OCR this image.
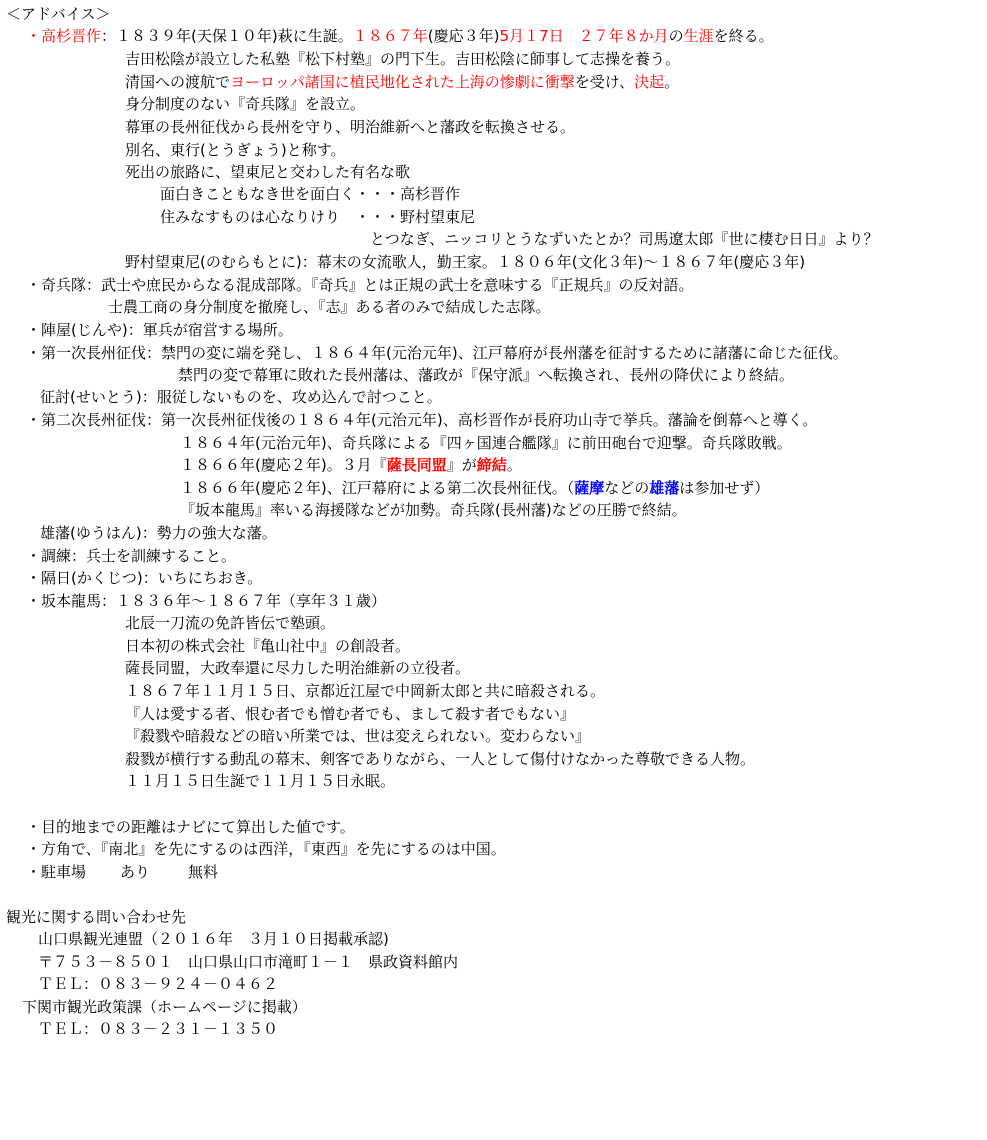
＜アドバイス＞
・高杉晋作：１８３９年(天保１０年)萩に生誕。１８６７年(慶応３年)5月１7日　２７年８か月の生涯を終る。
吉田松陰が設立した私塾『松下村塾』の門下生。吉田松陰に師事して志操を養う。
清国への渡航でヨーロッパ諸国に植民地化された上海の惨劇に衝撃を受け、決起。
身分制度のない『奇兵隊』を設立。
幕軍の長州征伐から長州を守り、明治維新へと藩政を転換させる。
別名、東行(とうぎょう)と称す。
死出の旅路に、望東尼と交わした有名な歌
面白きこともなき世を面白く・・・高杉晋作
住みなすものは心なりけり　・・・野村望東尼
とつなぎ、ニッコリとうなずいたとか？司馬遼太郎『世に棲む日日』より？
野村望東尼(のむらもとに)：幕末の女流歌人，勤王家。１８０６年(文化３年)～１８６７年(慶応３年)
・奇兵隊：武士や庶民からなる混成部隊。『奇兵』とは正規の武士を意味する『正規兵』の反対語。
士農工商の身分制度を撤廃し、『志』ある者のみで結成した志隊。
・陣屋(じんや)：軍兵が宿営する場所。
・第一次長州征伐：禁門の変に端を発し、１８６４年(元治元年)、江戸幕府が長州藩を征討するために諸藩に命じた征伐。
禁門の変で幕軍に敗れた長州藩は、藩政が『保守派』へ転換され、長州の降伏により終結。
征討(せいとう)：服従しないものを、攻め込んで討つこと。
・第二次長州征伐：第一次長州征伐後の１８６４年(元治元年)、高杉晋作が長府功山寺で挙兵。藩論を倒幕へと導く。
１８６４年(元治元年)、奇兵隊による『四ヶ国連合艦隊』に前田砲台で迎撃。奇兵隊敗戦。
１８６６年(慶応２年)。３月『薩長同盟』が締結。
１８６６年(慶応２年)、江戸幕府による第二次長州征伐。（薩摩などの雄藩は参加せず）
『坂本龍馬』率いる海援隊などが加勢。奇兵隊(長州藩)などの圧勝で終結。
雄藩(ゆうはん)：勢力の強大な藩。
・調練：兵士を訓練すること。
・隔日(かくじつ)：いちにちおき。
・坂本龍馬：１８３６年～１８６７年（享年３１歳）
北辰一刀流の免許皆伝で塾頭。
日本初の株式会社『亀山社中』の創設者。
薩長同盟，大政奉還に尽力した明治維新の立役者。
１８６７年１１月１５日、京都近江屋で中岡新太郎と共に暗殺される。
『人は愛する者、恨む者でも憎む者でも、まして殺す者でもない』
『殺戮や暗殺などの暗い所業では、世は変えられない。変わらない』
殺戮が横行する動乱の幕末、剣客でありながら、一人として傷付けなかった尊敬できる人物。
１１月１５日生誕で１１月１５日永眠。
・目的地までの距離はナビにて算出した値です。
・方角で、『南北』を先にするのは西洋，『東西』を先にするのは中国。
・駐車場 あり	無料
観光に関する問い合わせ先
山口県観光連盟（２０１６年　３月１０日掲載承認)
〒７５３－８５０１　山口県山口市滝町１－１　県政資料館内
ＴＥＬ：０８３－９２４－０４６２
下関市観光政策課（ホームページに掲載）
ＴＥＬ：０８３－２３１－１３５０
